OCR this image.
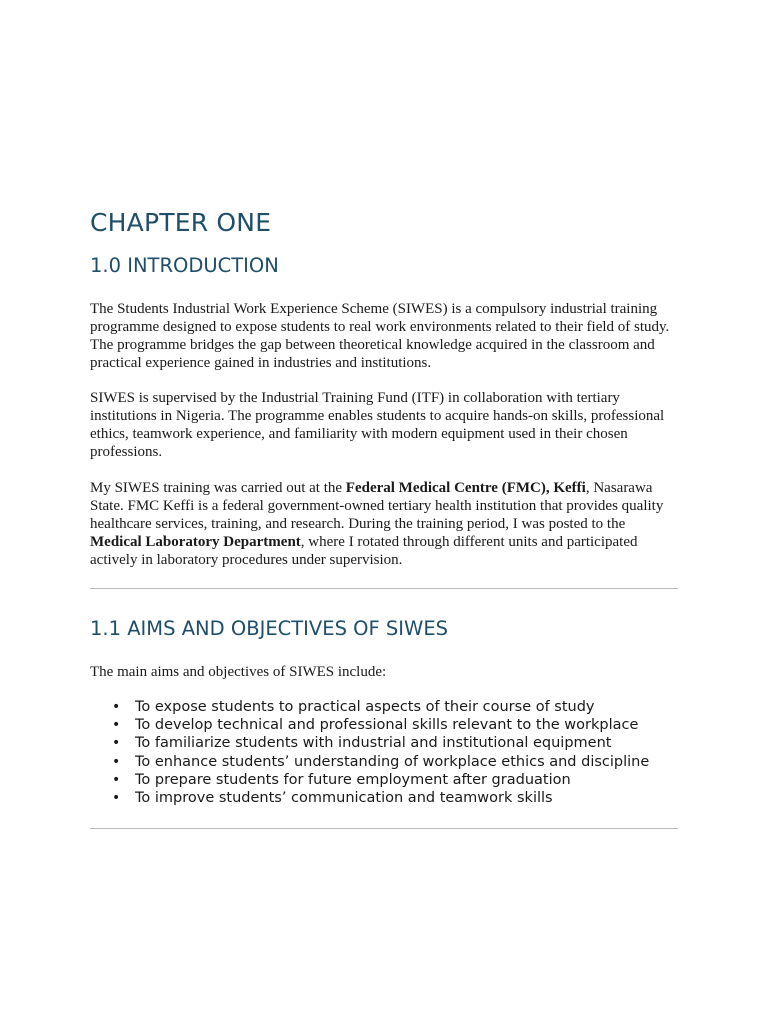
CHAPTER ONE
1.0 INTRODUCTION

The Students Industrial Work Experience Scheme (SIWES) is a compulsory industrial training programme designed to expose students to real work environments related to their field of study. The programme bridges the gap between theoretical knowledge acquired in the classroom and practical experience gained in industries and institutions.

SIWES is supervised by the Industrial Training Fund (ITF) in collaboration with tertiary institutions in Nigeria. The programme enables students to acquire hands-on skills, professional ethics, teamwork experience, and familiarity with modern equipment used in their chosen professions.

My SIWES training was carried out at the Federal Medical Centre (FMC), Keffi, Nasarawa State. FMC Keffi is a federal government-owned tertiary health institution that provides quality healthcare services, training, and research. During the training period, I was posted to the Medical Laboratory Department, where I rotated through different units and participated actively in laboratory procedures under supervision.

1.1 AIMS AND OBJECTIVES OF SIWES

The main aims and objectives of SIWES include:

• To expose students to practical aspects of their course of study
• To develop technical and professional skills relevant to the workplace
• To familiarize students with industrial and institutional equipment
• To enhance students’ understanding of workplace ethics and discipline
• To prepare students for future employment after graduation
• To improve students’ communication and teamwork skills
